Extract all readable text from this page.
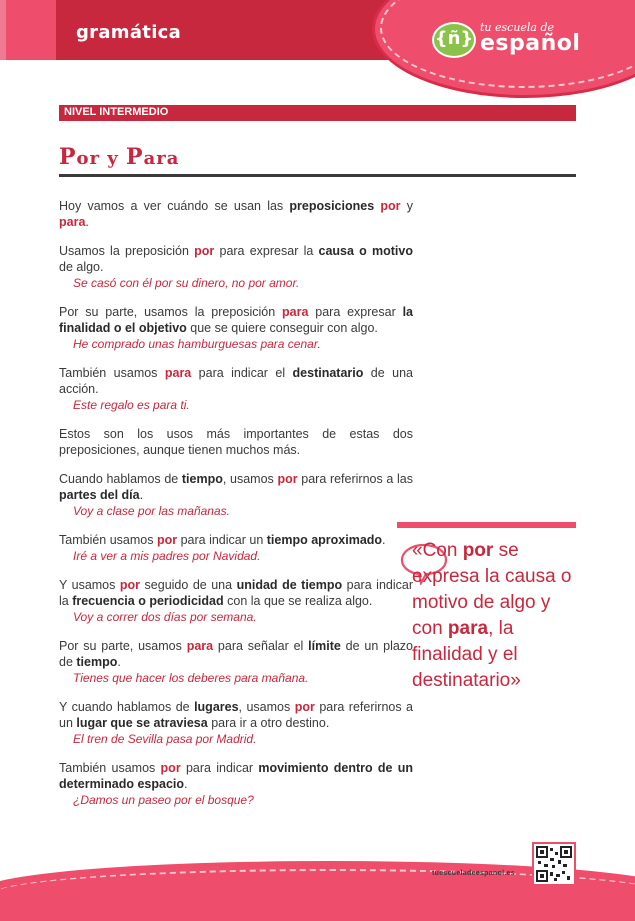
gramática	{ñ}
tu escuela de
español
NIVEL INTERMEDIO
Por y Para

Hoy vamos a ver cuándo se usan las preposiciones por y para.

Usamos la preposición por para expresar la causa o motivo de algo.
Se casó con él por su dinero, no por amor.

Por su parte, usamos la preposición para para expresar la finalidad o el objetivo que se quiere conseguir con algo.
He comprado unas hamburguesas para cenar.

También usamos para para indicar el destinatario de una acción.
Este regalo es para ti.

Estos son los usos más importantes de estas dos preposiciones, aunque tienen muchos más.

Cuando hablamos de tiempo, usamos por para referirnos a las partes del día.
Voy a clase por las mañanas.

También usamos por para indicar un tiempo aproximado.
Iré a ver a mis padres por Navidad.

Y usamos por seguido de una unidad de tiempo para indicar la frecuencia o periodicidad con la que se realiza algo.
Voy a correr dos días por semana.

Por su parte, usamos para para señalar el límite de un plazo de tiempo.
Tienes que hacer los deberes para mañana.

Y cuando hablamos de lugares, usamos por para referirnos a un lugar que se atraviesa para ir a otro destino.
El tren de Sevilla pasa por Madrid.

También usamos por para indicar movimiento dentro de un determinado espacio.
¿Damos un paseo por el bosque?

«Con por se expresa la causa o motivo de algo y con para, la finalidad y el destinatario»
tuescueladeespanol.es
